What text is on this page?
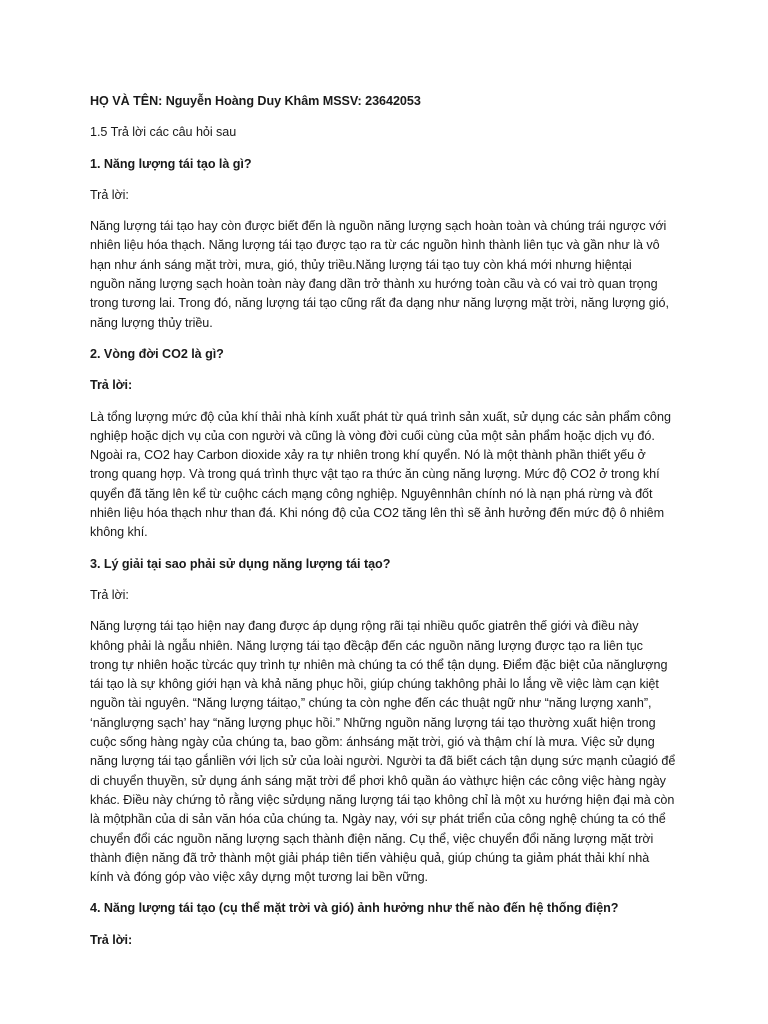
HỌ VÀ TÊN: Nguyễn Hoàng Duy Khâm MSSV: 23642053

1.5 Trả lời các câu hỏi sau

1. Năng lượng tái tạo là gì?

Trả lời:

Năng lượng tái tạo hay còn được biết đến là nguồn năng lượng sạch hoàn toàn và chúng trái ngược với
nhiên liệu hóa thạch. Năng lượng tái tạo được tạo ra từ các nguồn hình thành liên tục và gần như là vô
hạn như ánh sáng mặt trời, mưa, gió, thủy triều.Năng lượng tái tạo tuy còn khá mới nhưng hiệntại
nguồn năng lượng sạch hoàn toàn này đang dần trở thành xu hướng toàn cầu và có vai trò quan trọng
trong tương lai. Trong đó, năng lượng tái tạo cũng rất đa dạng như năng lượng mặt trời, năng lượng gió,
năng lượng thủy triều.

2. Vòng đời CO2 là gì?

Trả lời:

Là tổng lượng mức độ của khí thải nhà kính xuất phát từ quá trình sản xuất, sử dụng các sản phẩm công
nghiệp hoặc dịch vụ của con người và cũng là vòng đời cuối cùng của một sản phẩm hoặc dịch vụ đó.
Ngoài ra, CO2 hay Carbon dioxide xảy ra tự nhiên trong khí quyển. Nó là một thành phần thiết yếu ở
trong quang hợp. Và trong quá trình thực vật tạo ra thức ăn cùng năng lượng. Mức độ CO2 ở trong khí
quyển đã tăng lên kể từ cuộhc cách mạng công nghiệp. Nguyênnhân chính nó là nạn phá rừng và đốt
nhiên liệu hóa thạch như than đá. Khi nóng độ của CO2 tăng lên thì sẽ ảnh hưởng đến mức độ ô nhiêm
không khí.

3. Lý giải tại sao phải sử dụng năng lượng tái tạo?

Trả lời:

Năng lượng tái tạo hiện nay đang được áp dụng rộng rãi tại nhiều quốc giatrên thế giới và điều này
không phải là ngẫu nhiên. Năng lượng tái tạo đềcập đến các nguồn năng lượng được tạo ra liên tục
trong tự nhiên hoặc từcác quy trình tự nhiên mà chúng ta có thể tận dụng. Điểm đặc biệt của nănglượng
tái tạo là sự không giới hạn và khả năng phục hồi, giúp chúng takhông phải lo lắng về việc làm cạn kiệt
nguồn tài nguyên. “Năng lượng táitạo,” chúng ta còn nghe đến các thuật ngữ như “năng lượng xanh”,
‘nănglượng sạch’ hay “năng lượng phục hồi.” Những nguồn năng lượng tái tạo thường xuất hiện trong
cuộc sống hàng ngày của chúng ta, bao gồm: ánhsáng mặt trời, gió và thậm chí là mưa. Việc sử dụng
năng lượng tái tạo gắnliền với lịch sử của loài người. Người ta đã biết cách tận dụng sức mạnh củagió để
di chuyển thuyền, sử dụng ánh sáng mặt trời để phơi khô quần áo vàthực hiện các công việc hàng ngày
khác. Điều này chứng tỏ rằng việc sửdụng năng lượng tái tạo không chỉ là một xu hướng hiện đại mà còn
là mộtphần của di sản văn hóa của chúng ta. Ngày nay, với sự phát triển của công nghệ chúng ta có thể
chuyển đổi các nguồn năng lượng sạch thành điện năng. Cụ thể, việc chuyển đổi năng lượng mặt trời
thành điện năng đã trở thành một giải pháp tiên tiến vàhiệu quả, giúp chúng ta giảm phát thải khí nhà
kính và đóng góp vào việc xây dựng một tương lai bền vững.

4. Năng lượng tái tạo (cụ thể mặt trời và gió) ảnh hưởng như thế nào đến hệ thống điện?

Trả lời:
